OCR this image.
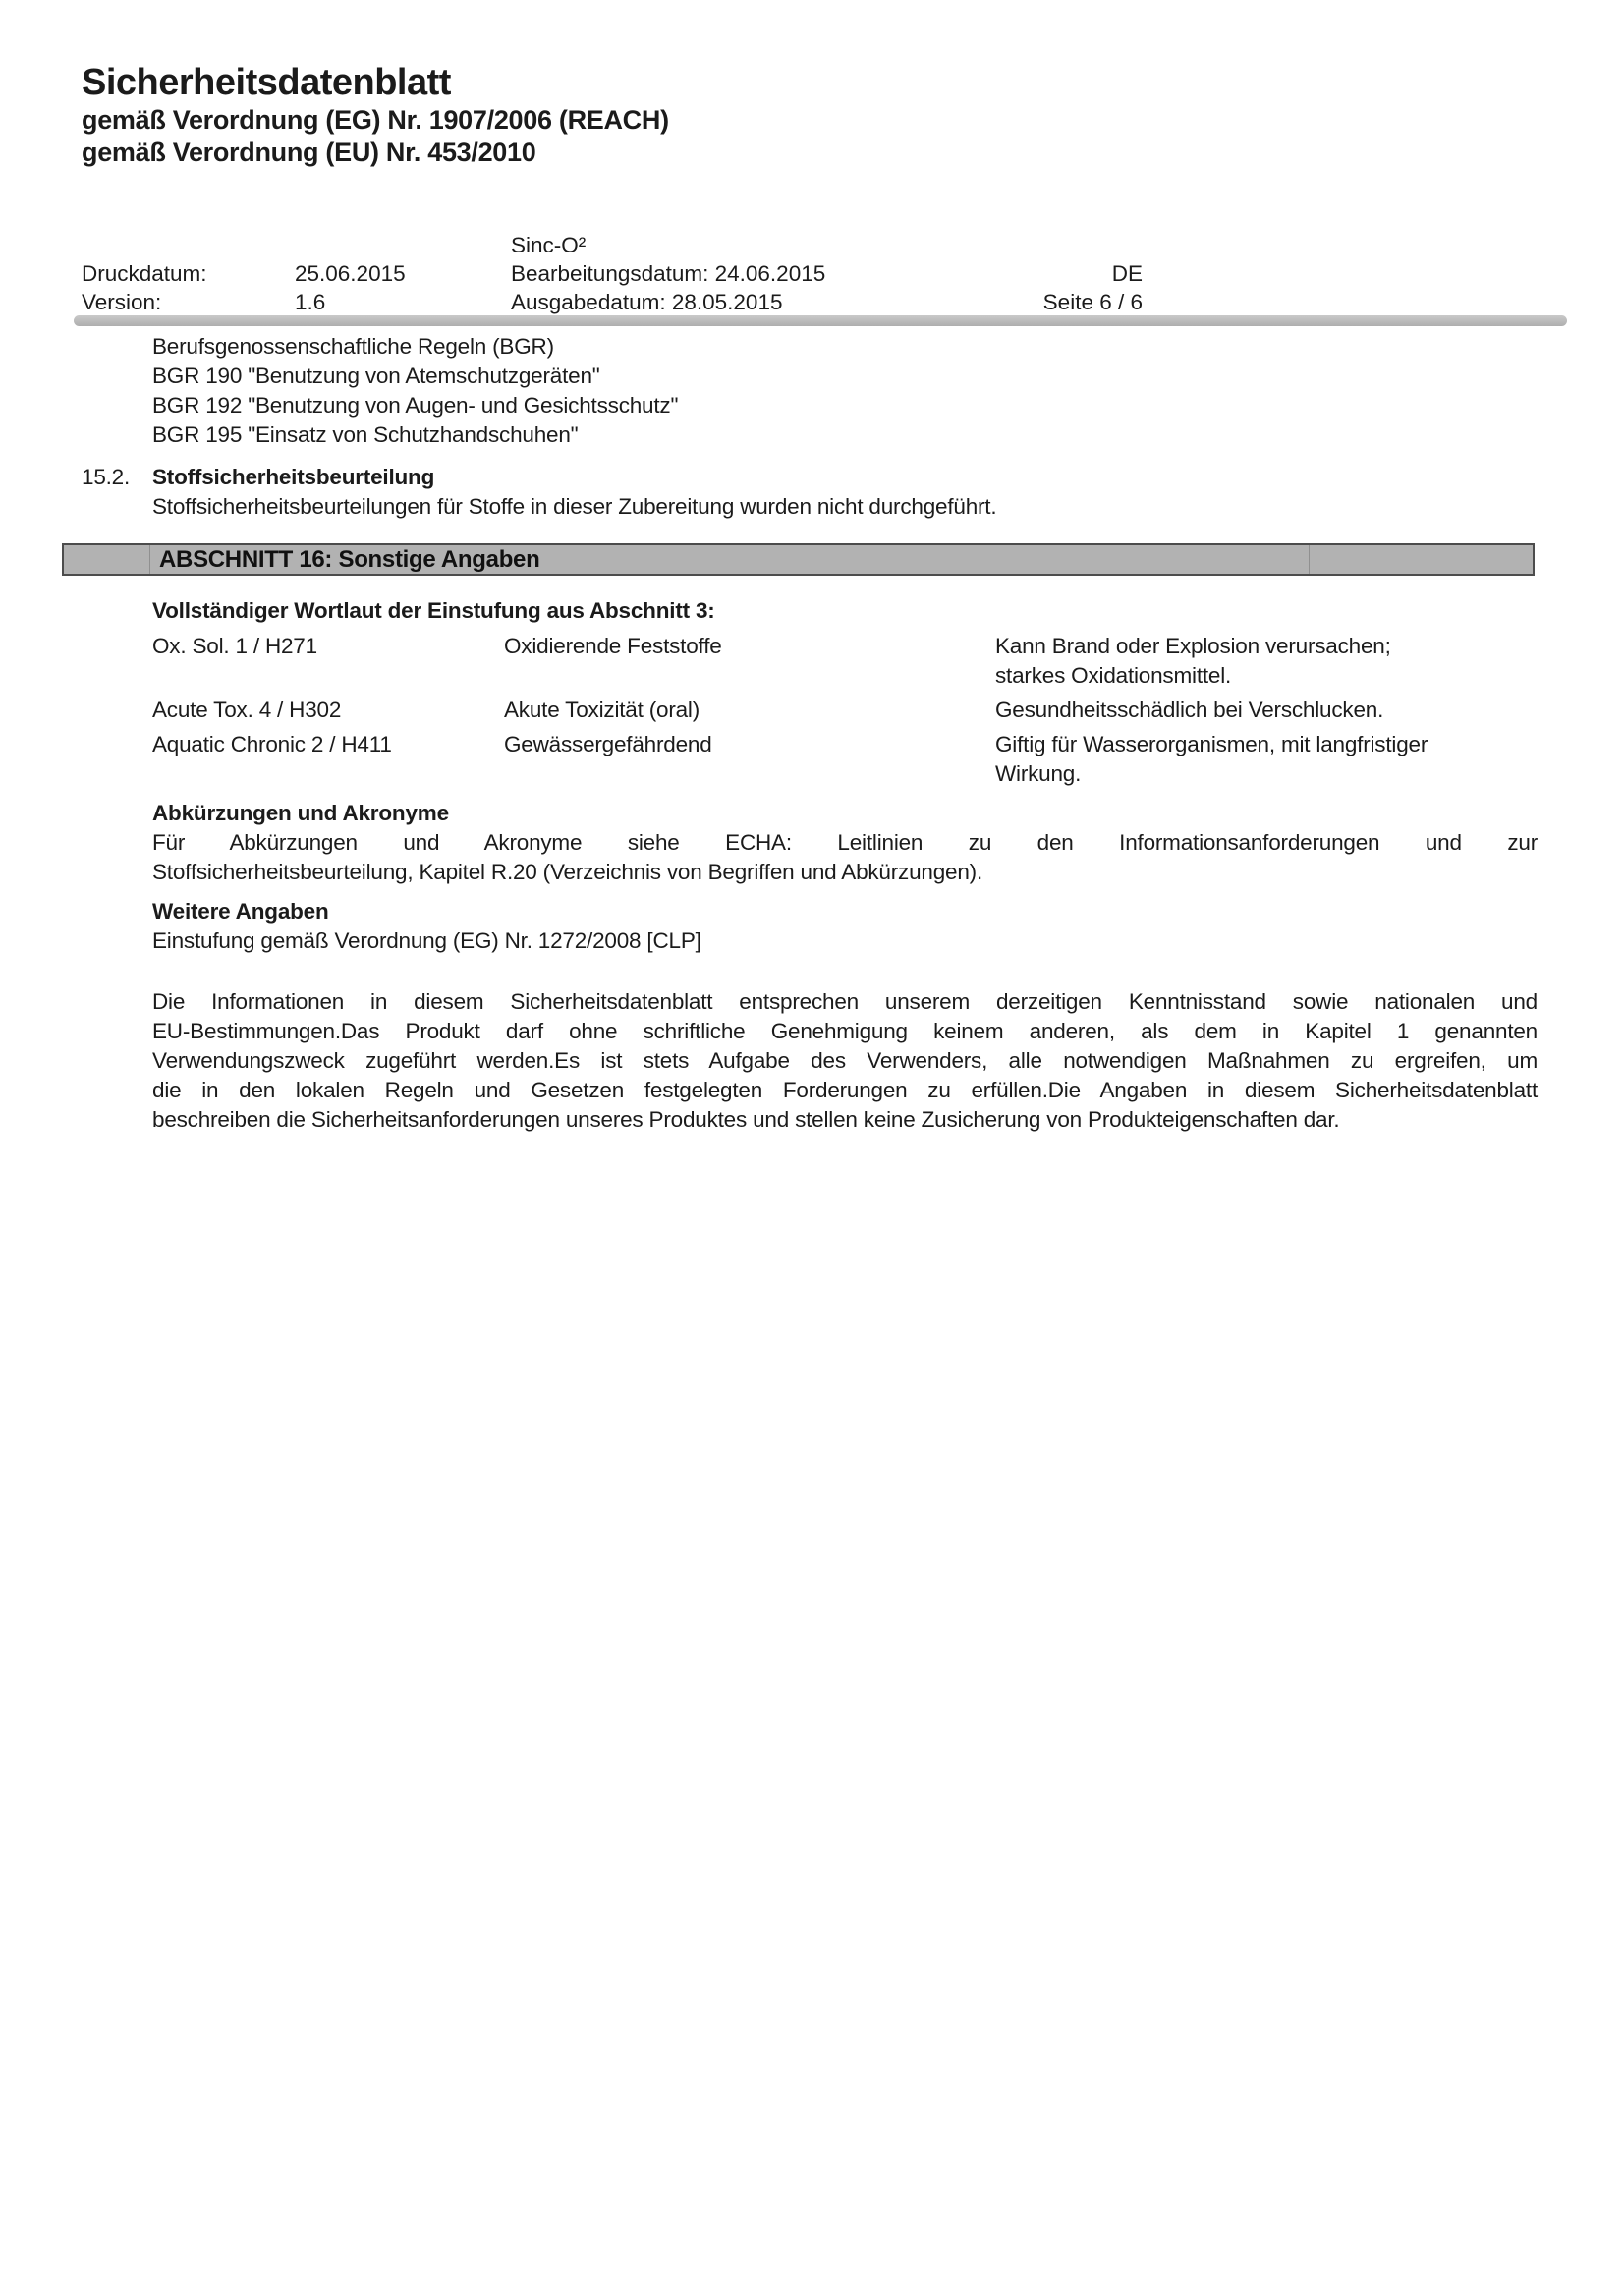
Sicherheitsdatenblatt
gemäß Verordnung (EG) Nr. 1907/2006 (REACH)
gemäß Verordnung (EU) Nr. 453/2010
Sinc-O²
Druckdatum:	25.06.2015	Bearbeitungsdatum: 24.06.2015	DE
Version:	1.6	Ausgabedatum: 28.05.2015	Seite 6 / 6
Berufsgenossenschaftliche Regeln (BGR)
BGR 190 "Benutzung von Atemschutzgeräten"
BGR 192 "Benutzung von Augen- und Gesichtsschutz"
BGR 195 "Einsatz von Schutzhandschuhen"
15.2.	Stoffsicherheitsbeurteilung
Stoffsicherheitsbeurteilungen für Stoffe in dieser Zubereitung wurden nicht durchgeführt.
ABSCHNITT 16: Sonstige Angaben
Vollständiger Wortlaut der Einstufung aus Abschnitt 3:
Ox. Sol. 1 / H271	Oxidierende Feststoffe	Kann Brand oder Explosion verursachen;
starkes Oxidationsmittel.
Acute Tox. 4 / H302	Akute Toxizität (oral)	Gesundheitsschädlich bei Verschlucken.
Aquatic Chronic 2 / H411	Gewässergefährdend	Giftig für Wasserorganismen, mit langfristiger
Wirkung.
Abkürzungen und Akronyme
Für Abkürzungen und Akronyme siehe ECHA: Leitlinien zu den Informationsanforderungen und zur
Stoffsicherheitsbeurteilung, Kapitel R.20 (Verzeichnis von Begriffen und Abkürzungen).
Weitere Angaben
Einstufung gemäß Verordnung (EG) Nr. 1272/2008 [CLP]
Die Informationen in diesem Sicherheitsdatenblatt entsprechen unserem derzeitigen Kenntnisstand sowie nationalen und
EU-Bestimmungen.Das Produkt darf ohne schriftliche Genehmigung keinem anderen, als dem in Kapitel 1 genannten
Verwendungszweck zugeführt werden.Es ist stets Aufgabe des Verwenders, alle notwendigen Maßnahmen zu ergreifen, um
die in den lokalen Regeln und Gesetzen festgelegten Forderungen zu erfüllen.Die Angaben in diesem Sicherheitsdatenblatt
beschreiben die Sicherheitsanforderungen unseres Produktes und stellen keine Zusicherung von Produkteigenschaften dar.
